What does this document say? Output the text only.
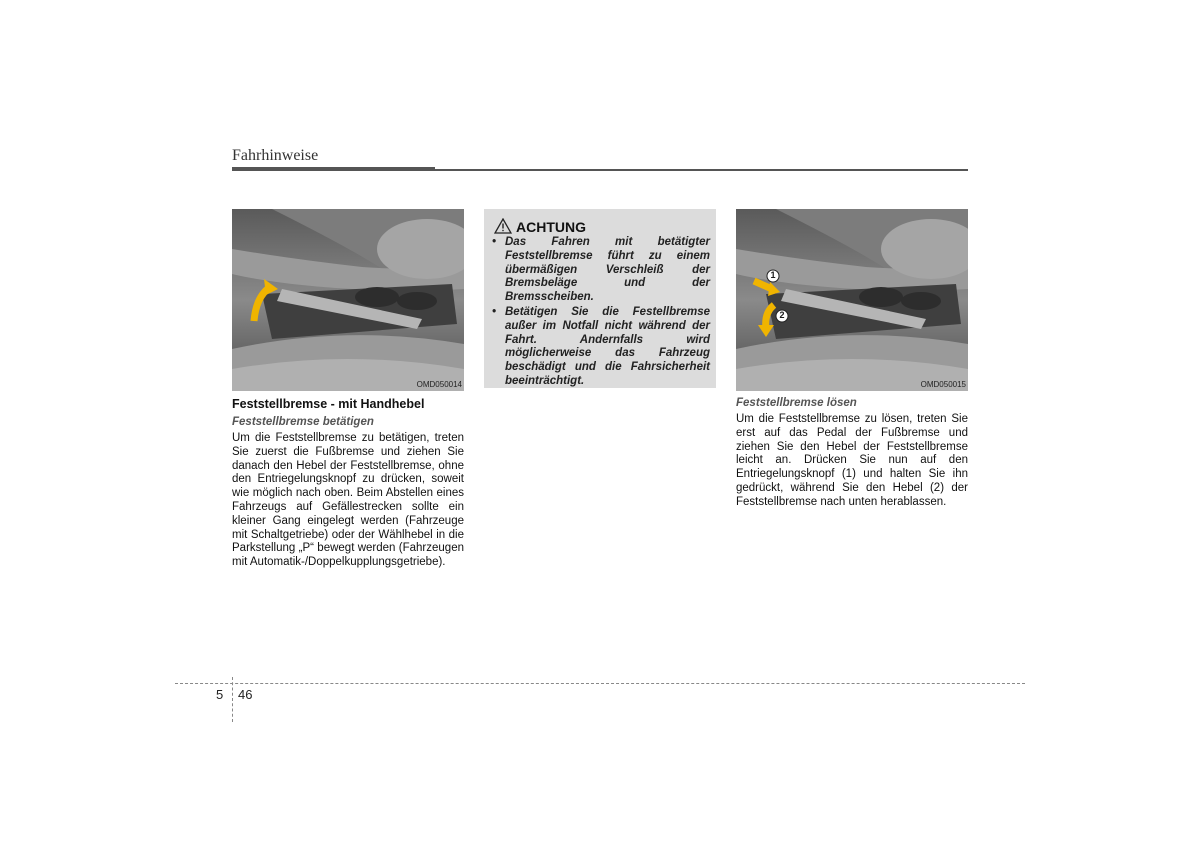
Fahrhinweise
OMD050014
Feststellbremse - mit Handhebel
Feststellbremse betätigen
Um die Feststellbremse zu betätigen, treten Sie zuerst die Fußbremse und ziehen Sie danach den Hebel der Feststellbremse, ohne den Entriegelungsknopf zu drücken, soweit wie möglich nach oben. Beim Abstellen eines Fahrzeugs auf Gefällestrecken sollte ein kleiner Gang eingelegt werden (Fahrzeuge mit Schaltgetriebe) oder der Wählhebel in die Parkstellung „P“ bewegt werden (Fahrzeugen mit Automatik-/Doppelkupplungsgetriebe).
ACHTUNG
• Das Fahren mit betätigter Feststellbremse führt zu einem übermäßigen Verschleiß der Bremsbeläge und der Bremsscheiben.
• Betätigen Sie die Festellbremse außer im Notfall nicht während der Fahrt. Andernfalls wird möglicherweise das Fahrzeug beschädigt und die Fahrsicherheit beeinträchtigt.
1
2
OMD050015
Feststellbremse lösen
Um die Feststellbremse zu lösen, treten Sie erst auf das Pedal der Fußbremse und ziehen Sie den Hebel der Feststellbremse leicht an. Drücken Sie nun auf den Entriegelungsknopf (1) und halten Sie ihn gedrückt, während Sie den Hebel (2) der Feststellbremse nach unten herablassen.
5 46
